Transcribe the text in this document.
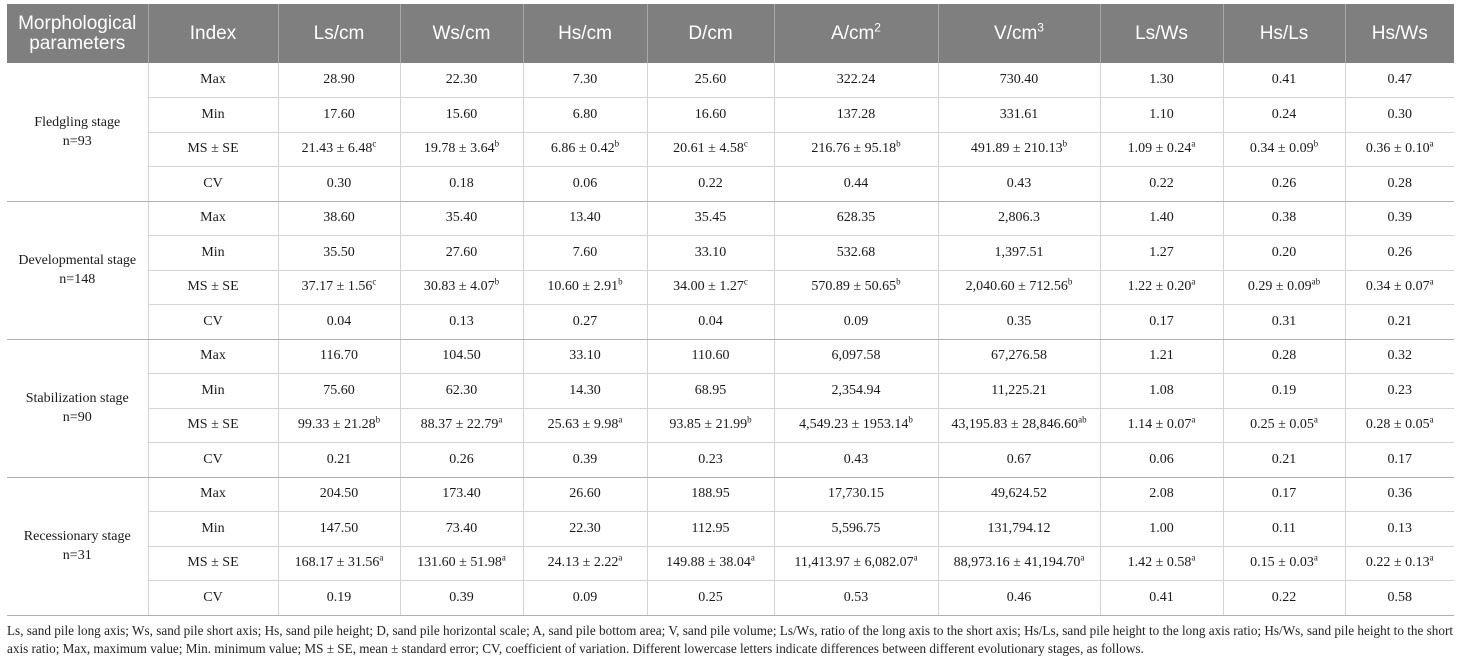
Morphological parameters	Index	Ls/cm	Ws/cm	Hs/cm	D/cm	$A/cm^2$	$V/cm^3$	Ls/Ws	Hs/Ls	Hs/Ws

Fledgling stage
n=93	Max	28.90	22.30	7.30	25.60	322.24	730.40	1.30	0.41	0.47
	Min	17.60	15.60	6.80	16.60	137.28	331.61	1.10	0.24	0.30
	MS ± SE	21.43 ± 6.48$^c$	19.78 ± 3.64$^b$	6.86 ± 0.42$^b$	20.61 ± 4.58$^c$	216.76 ± 95.18$^b$	491.89 ± 210.13$^b$	1.09 ± 0.24$^a$	0.34 ± 0.09$^b$	0.36 ± 0.10$^a$
	CV	0.30	0.18	0.06	0.22	0.44	0.43	0.22	0.26	0.28

Developmental stage
n=148	Max	38.60	35.40	13.40	35.45	628.35	2,806.3	1.40	0.38	0.39
	Min	35.50	27.60	7.60	33.10	532.68	1,397.51	1.27	0.20	0.26
	MS ± SE	37.17 ± 1.56$^c$	30.83 ± 4.07$^b$	10.60 ± 2.91$^b$	34.00 ± 1.27$^c$	570.89 ± 50.65$^b$	2,040.60 ± 712.56$^b$	1.22 ± 0.20$^a$	0.29 ± 0.09$^{ab}$	0.34 ± 0.07$^a$
	CV	0.04	0.13	0.27	0.04	0.09	0.35	0.17	0.31	0.21

Stabilization stage
n=90	Max	116.70	104.50	33.10	110.60	6,097.58	67,276.58	1.21	0.28	0.32
	Min	75.60	62.30	14.30	68.95	2,354.94	11,225.21	1.08	0.19	0.23
	MS ± SE	99.33 ± 21.28$^b$	88.37 ± 22.79$^a$	25.63 ± 9.98$^a$	93.85 ± 21.99$^b$	4,549.23 ± 1953.14$^b$	43,195.83 ± 28,846.60$^{ab}$	1.14 ± 0.07$^a$	0.25 ± 0.05$^a$	0.28 ± 0.05$^a$
	CV	0.21	0.26	0.39	0.23	0.43	0.67	0.06	0.21	0.17

Recessionary stage
n=31	Max	204.50	173.40	26.60	188.95	17,730.15	49,624.52	2.08	0.17	0.36
	Min	147.50	73.40	22.30	112.95	5,596.75	131,794.12	1.00	0.11	0.13
	MS ± SE	168.17 ± 31.56$^a$	131.60 ± 51.98$^a$	24.13 ± 2.22$^a$	149.88 ± 38.04$^a$	11,413.97 ± 6,082.07$^a$	88,973.16 ± 41,194.70$^a$	1.42 ± 0.58$^a$	0.15 ± 0.03$^a$	0.22 ± 0.13$^a$
	CV	0.19	0.39	0.09	0.25	0.53	0.46	0.41	0.22	0.58

Ls, sand pile long axis; Ws, sand pile short axis; Hs, sand pile height; D, sand pile horizontal scale; A, sand pile bottom area; V, sand pile volume; Ls/Ws, ratio of the long axis to the short axis; Hs/Ls, sand pile height to the long axis ratio; Hs/Ws, sand pile height to the short axis ratio; Max, maximum value; Min. minimum value; MS ± SE, mean ± standard error; CV, coefficient of variation. Different lowercase letters indicate differences between different evolutionary stages, as follows.
